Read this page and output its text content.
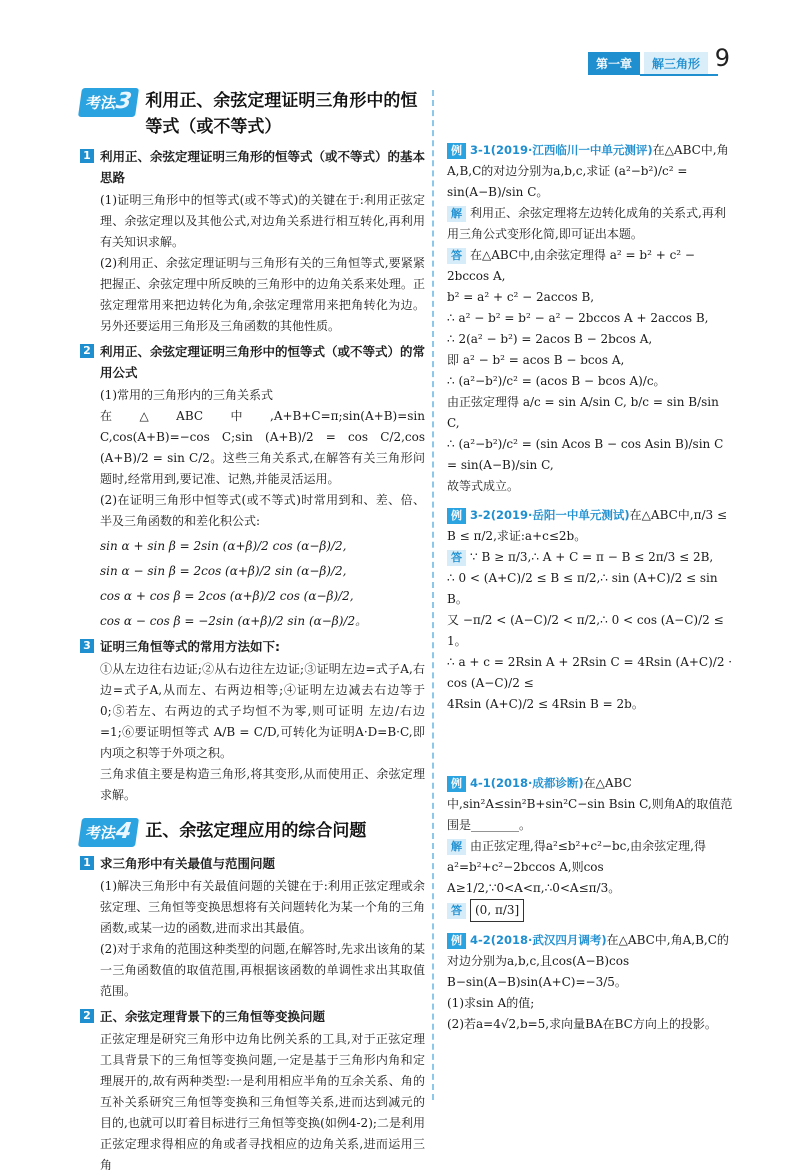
第一章	解三角形 9
考法3 利用正、余弦定理证明三角形中的恒等式（或不等式）
1 利用正、余弦定理证明三角形的恒等式（或不等式）的基本思路

(1)证明三角形中的恒等式(或不等式)的关键在于:利用正弦定理、余弦定理以及其他公式,对边角关系进行相互转化,再利用有关知识求解。

(2)利用正、余弦定理证明与三角形有关的三角恒等式,要紧紧把握正、余弦定理中所反映的三角形中的边角关系来处理。正弦定理常用来把边转化为角,余弦定理常用来把角转化为边。另外还要运用三角形及三角函数的其他性质。

2 利用正、余弦定理证明三角形中的恒等式（或不等式）的常用公式

(1)常用的三角形内的三角关系式

在△ABC中,A+B+C=π;sin(A+B)=sin C,cos(A+B)=−cos C;sin (A+B)/2 = cos C/2,cos (A+B)/2 = sin C/2。这些三角关系式,在解答有关三角形问题时,经常用到,要记准、记熟,并能灵活运用。

(2)在证明三角形中恒等式(或不等式)时常用到和、差、倍、半及三角函数的和差化积公式:

sin α + sin β = 2sin (α+β)/2 cos (α−β)/2,

sin α − sin β = 2cos (α+β)/2 sin (α−β)/2,

cos α + cos β = 2cos (α+β)/2 cos (α−β)/2,

cos α − cos β = −2sin (α+β)/2 sin (α−β)/2。

3 证明三角恒等式的常用方法如下:

①从左边往右边证;②从右边往左边证;③证明左边=式子A,右边=式子A,从而左、右两边相等;④证明左边减去右边等于0;⑤若左、右两边的式子均恒不为零,则可证明 左边/右边 =1;⑥要证明恒等式 A/B = C/D,可转化为证明A·D=B·C,即内项之积等于外项之积。

三角求值主要是构造三角形,将其变形,从而使用正、余弦定理求解。

考法4 正、余弦定理应用的综合问题
1 求三角形中有关最值与范围问题

(1)解决三角形中有关最值问题的关键在于:利用正弦定理或余弦定理、三角恒等变换思想将有关问题转化为某一个角的三角函数,或某一边的函数,进而求出其最值。

(2)对于求角的范围这种类型的问题,在解答时,先求出该角的某一三角函数值的取值范围,再根据该函数的单调性求出其取值范围。

2 正、余弦定理背景下的三角恒等变换问题

正弦定理是研究三角形中边角比例关系的工具,对于正弦定理工具背景下的三角恒等变换问题,一定是基于三角形内角和定理展开的,故有两种类型:一是利用相应半角的互余关系、角的互补关系研究三角恒等变换和三角恒等关系,进而达到减元的目的,也就可以盯着目标进行三角恒等变换(如例4-2);二是利用正弦定理求得相应的角或者寻找相应的边角关系,进而运用三角

例 3-1(2019·江西临川一中单元测评)在△ABC中,角A,B,C的对边分别为a,b,c,求证 (a²−b²)/c² = sin(A−B)/sin C。

解 利用正、余弦定理将左边转化成角的关系式,再利用三角公式变形化简,即可证出本题。

答 在△ABC中,由余弦定理得 a² = b² + c² − 2bccos A,

b² = a² + c² − 2accos B,

∴ a² − b² = b² − a² − 2bccos A + 2accos B,

∴ 2(a² − b²) = 2acos B − 2bcos A,

即 a² − b² = acos B − bcos A,

∴ (a²−b²)/c² = (acos B − bcos A)/c。

由正弦定理得 a/c = sin A/sin C, b/c = sin B/sin C,

∴ (a²−b²)/c² = (sin Acos B − cos Asin B)/sin C = sin(A−B)/sin C,

故等式成立。

例 3-2(2019·岳阳一中单元测试)在△ABC中,π/3 ≤ B ≤ π/2,求证:a+c≤2b。

答 ∵ B ≥ π/3,∴ A + C = π − B ≤ 2π/3 ≤ 2B,

∴ 0 < (A+C)/2 ≤ B ≤ π/2,∴ sin (A+C)/2 ≤ sin B。

又 −π/2 < (A−C)/2 < π/2,∴ 0 < cos (A−C)/2 ≤ 1。

∴ a + c = 2Rsin A + 2Rsin C = 4Rsin (A+C)/2 · cos (A−C)/2 ≤

4Rsin (A+C)/2 ≤ 4Rsin B = 2b。

例 4-1(2018·成都诊断)在△ABC中,sin²A≤sin²B+sin²C−sin Bsin C,则角A的取值范围是________。

解 由正弦定理,得a²≤b²+c²−bc,由余弦定理,得a²=b²+c²−2bccos A,则cos A≥1/2,∵0<A<π,∴0<A≤π/3。

答 (0, π/3]

例 4-2(2018·武汉四月调考)在△ABC中,角A,B,C的对边分别为a,b,c,且cos(A−B)cos B−sin(A−B)sin(A+C)=−3/5。

(1)求sin A的值;

(2)若a=4√2,b=5,求向量BA在BC方向上的投影。
